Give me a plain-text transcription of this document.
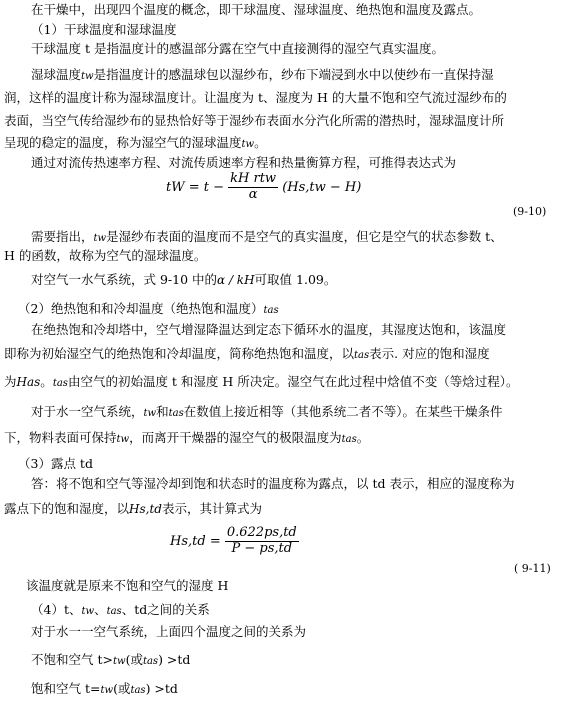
在干燥中，出现四个温度的概念，即干球温度、湿球温度、绝热饱和温度及露点。
（1）干球温度和湿球温度
干球温度 t 是指温度计的感温部分露在空气中直接测得的湿空气真实温度。
湿球温度tw是指温度计的感温球包以湿纱布，纱布下端浸到水中以使纱布一直保持湿
润，这样的温度计称为湿球温度计。让温度为 t、湿度为 H 的大量不饱和空气流过湿纱布的
表面，当空气传给湿纱布的显热恰好等于湿纱布表面水分汽化所需的潜热时，湿球温度计所
呈现的稳定的温度，称为湿空气的湿球温度tw。
通过对流传热速率方程、对流传质速率方程和热量衡算方程，可推得表达式为
tW = $t - \frac{\text{kH rtw}}{\alpha} (Hs,tw - H)$
(9-10)
需要指出，tw是湿纱布表面的温度而不是空气的真实温度，但它是空气的状态参数 t、
H 的函数，故称为空气的湿球温度。
对空气一水气系统，式 9-10 中的α / kH可取值 1.09。
（2）绝热饱和和冷却温度（绝热饱和温度）tas
在绝热饱和冷却塔中，空气增湿降温达到定态下循环水的温度，其湿度达饱和，该温度
即称为初始湿空气的绝热饱和冷却温度，简称绝热饱和温度，以tas表示. 对应的饱和湿度
为Has。tas由空气的初始温度 t 和湿度 H 所决定。湿空气在此过程中焓值不变（等焓过程）。
对于水一空气系统，tw和tas在数值上接近相等（其他系统二者不等）。在某些干燥条件
下，物料表面可保持tw，而离开干燥器的湿空气的极限温度为tas。
（3）露点 td
答：将不饱和空气等湿冷却到饱和状态时的温度称为露点，以 td 表示，相应的湿度称为
露点下的饱和湿度，以Hs,td表示，其计算式为
$Hs,td = \frac{0.622ps,td}{P - ps,td}$
( 9-11)
该温度就是原来不饱和空气的湿度 H
（4）t、tw、tas、td之间的关系
对于水一一空气系统，上面四个温度之间的关系为
不饱和空气 t>tw(或tas) >td
饱和空气 t=tw(或tas) >td
